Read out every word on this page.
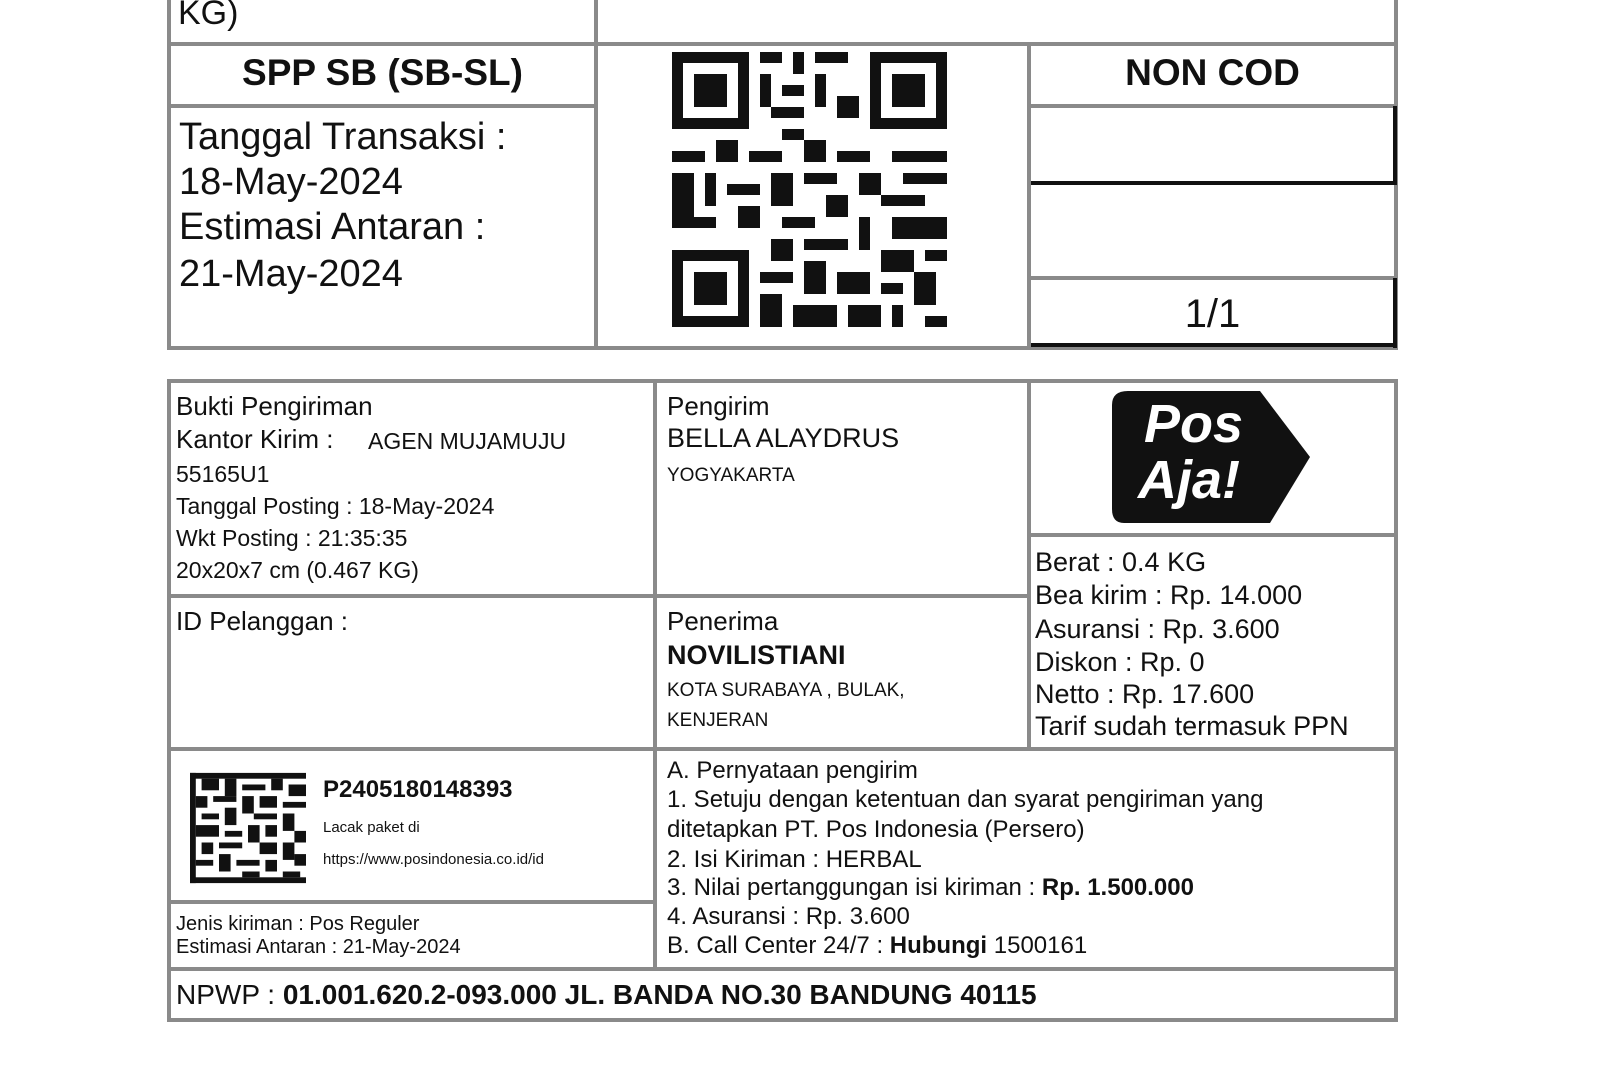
KG)
SPP SB (SB-SL)	NON COD
Tanggal Transaksi :
18-May-2024
Estimasi Antaran :
21-May-2024
1/1
Bukti Pengiriman
Kantor Kirim : AGEN MUJAMUJU
55165U1
Tanggal Posting : 18-May-2024
Wkt Posting : 21:35:35
20x20x7 cm (0.467 KG)
Pengirim
BELLA ALAYDRUS
YOGYAKARTA
Pos
Aja!
Berat : 0.4 KG
Bea kirim : Rp. 14.000
Asuransi : Rp. 3.600
Diskon : Rp. 0
Netto : Rp. 17.600
Tarif sudah termasuk PPN
ID Pelanggan :	Penerima
NOVILISTIANI
KOTA SURABAYA , BULAK,
KENJERAN
P2405180148393
Lacak paket di
https://www.posindonesia.co.id/id
Jenis kiriman : Pos Reguler
Estimasi Antaran : 21-May-2024
A. Pernyataan pengirim
1. Setuju dengan ketentuan dan syarat pengiriman yang
ditetapkan PT. Pos Indonesia (Persero)
2. Isi Kiriman : HERBAL
3. Nilai pertanggungan isi kiriman : Rp. 1.500.000
4. Asuransi : Rp. 3.600
B. Call Center 24/7 : Hubungi 1500161
NPWP : 01.001.620.2-093.000 JL. BANDA NO.30 BANDUNG 40115
